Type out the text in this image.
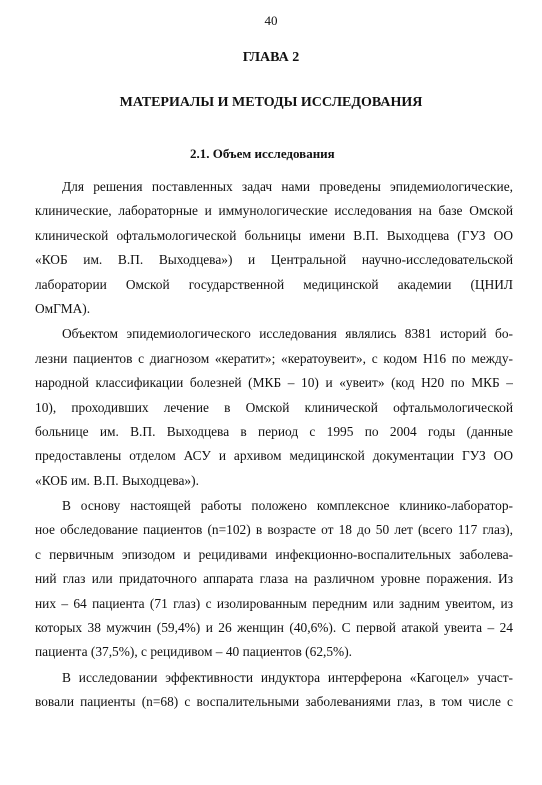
40
ГЛАВА 2
МАТЕРИАЛЫ И МЕТОДЫ ИССЛЕДОВАНИЯ
2.1. Объем исследования
Для решения поставленных задач нами проведены эпидемиологические,
клинические, лабораторные и иммунологические исследования на базе Омской
клинической офтальмологической больницы имени В.П. Выходцева (ГУЗ ОО
«КОБ им. В.П. Выходцева») и Центральной научно-исследовательской
лаборатории Омской государственной медицинской академии (ЦНИЛ
ОмГМА).
Объектом эпидемиологического исследования являлись 8381 историй бо-
лезни пациентов с диагнозом «кератит»; «кератоувеит», с кодом Н16 по между-
народной классификации болезней (МКБ – 10) и «увеит» (код Н20 по МКБ –
10), проходивших лечение в Омской клинической офтальмологической
больнице им. В.П. Выходцева в период с 1995 по 2004 годы (данные
предоставлены отделом АСУ и архивом медицинской документации ГУЗ ОО
«КОБ им. В.П. Выходцева»).
В основу настоящей работы положено комплексное клинико-лаборатор-
ное обследование пациентов (n=102) в возрасте от 18 до 50 лет (всего 117 глаз),
с первичным эпизодом и рецидивами инфекционно-воспалительных заболева-
ний глаз или придаточного аппарата глаза на различном уровне поражения. Из
них – 64 пациента (71 глаз) с изолированным передним или задним увеитом, из
которых 38 мужчин (59,4%) и 26 женщин (40,6%). С первой атакой увеита – 24
пациента (37,5%), с рецидивом – 40 пациентов (62,5%).
В исследовании эффективности индуктора интерферона «Кагоцел» участ-
вовали пациенты (n=68) с воспалительными заболеваниями глаз, в том числе с
